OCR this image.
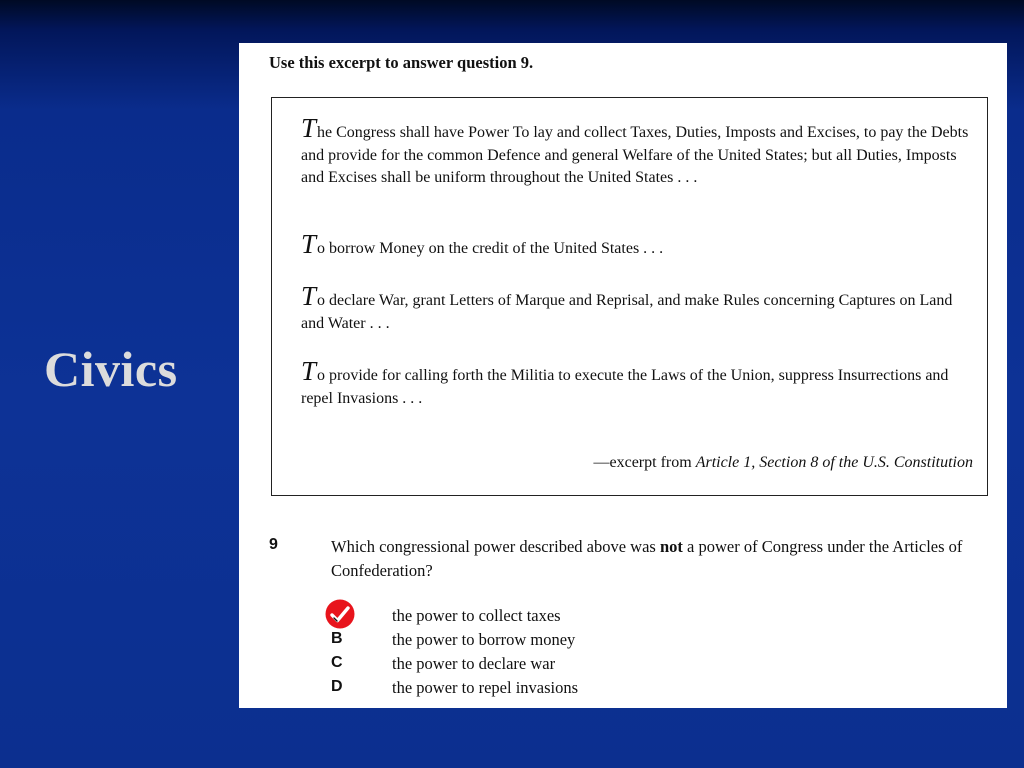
Civics
Use this excerpt to answer question 9.

The Congress shall have Power To lay and collect Taxes, Duties, Imposts and Excises, to pay the Debts and provide for the common Defence and general Welfare of the United States; but all Duties, Imposts and Excises shall be uniform throughout the United States . . .

To borrow Money on the credit of the United States . . .

To declare War, grant Letters of Marque and Reprisal, and make Rules concerning Captures on Land and Water . . .

To provide for calling forth the Militia to execute the Laws of the Union, suppress Insurrections and repel Invasions . . .

—excerpt from Article 1, Section 8 of the U.S. Constitution
9	Which congressional power described above was not a power of Congress under the Articles of Confederation?
the power to collect taxes
B	the power to borrow money
C	the power to declare war
D	the power to repel invasions
